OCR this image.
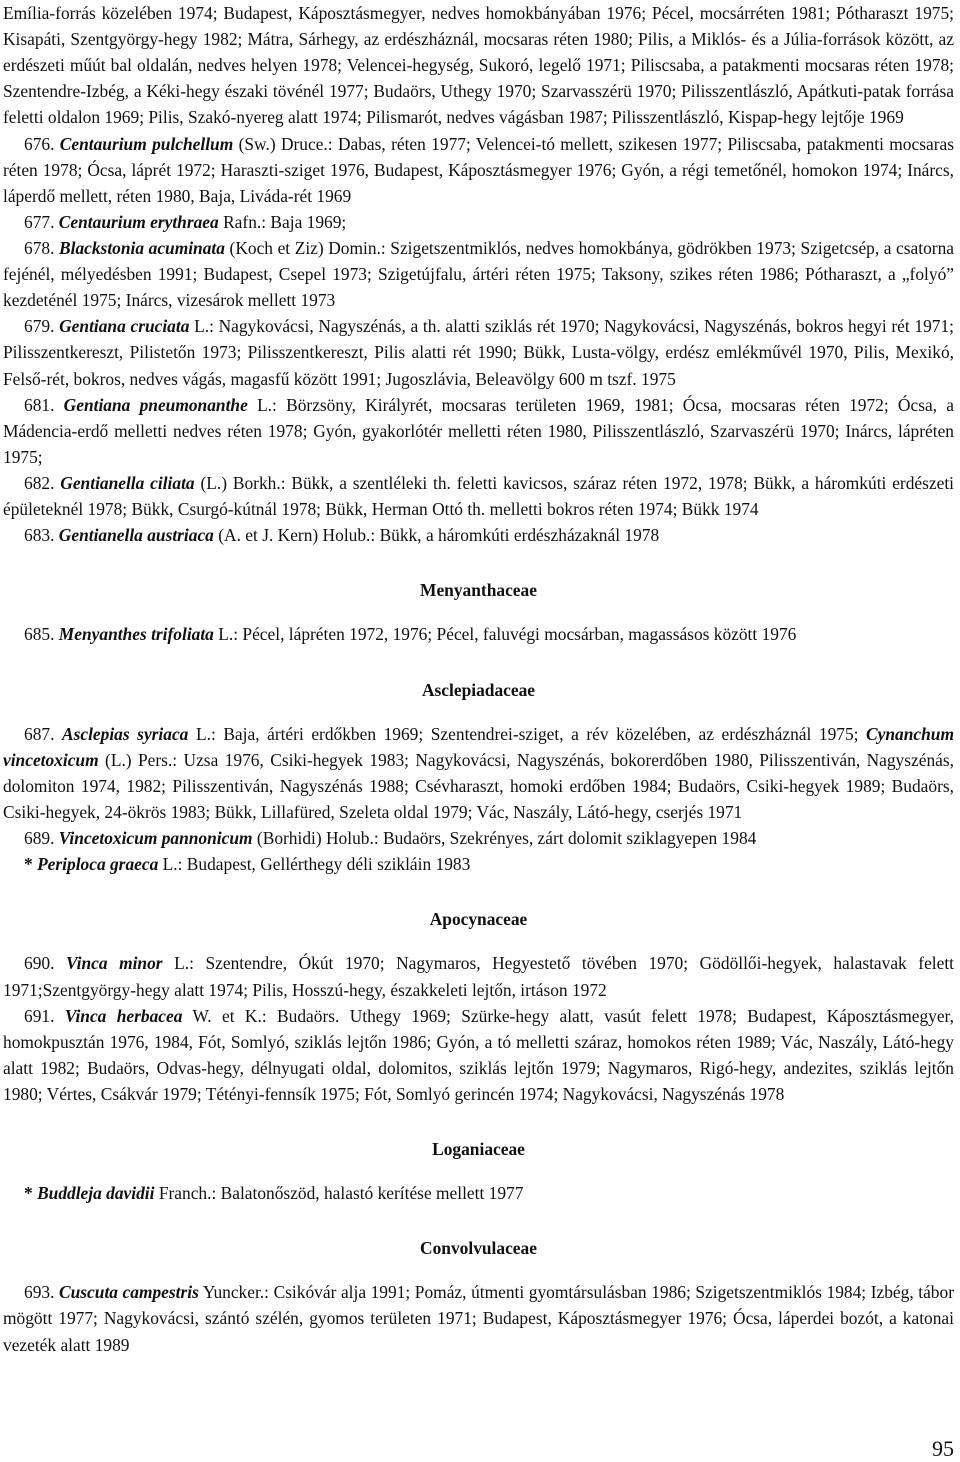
Emília-forrás közelében 1974; Budapest, Káposztásmegyer, nedves homokbányában 1976; Pécel, mocsárréten 1981; Pótharaszt 1975; Kisapáti, Szentgyörgy-hegy 1982; Mátra, Sárhegy, az erdészháznál, mocsaras réten 1980; Pilis, a Miklós- és a Júlia-források között, az erdészeti műút bal oldalán, nedves helyen 1978; Velencei-hegység, Sukoró, legelő 1971; Piliscsaba, a patakmenti mocsaras réten 1978; Szentendre-Izbég, a Kéki-hegy északi tövénél 1977; Budaörs, Uthegy 1970; Szarvasszérü 1970; Pilisszentlászló, Apátkuti-patak forrása feletti oldalon 1969; Pilis, Szakó-nyereg alatt 1974; Pilismarót, nedves vágásban 1987; Pilisszentlászló, Kispap-hegy lejtője 1969

676. Centaurium pulchellum (Sw.) Druce.: Dabas, réten 1977; Velencei-tó mellett, szikesen 1977; Piliscsaba, patakmenti mocsaras réten 1978; Ócsa, láprét 1972; Haraszti-sziget 1976, Budapest, Káposztásmegyer 1976; Gyón, a régi temetőnél, homokon 1974; Inárcs, láperdő mellett, réten 1980, Baja, Livádа-rét 1969

677. Centaurium erythraea Rafn.: Baja 1969;

678. Blackstonia acuminata (Koch et Ziz) Domin.: Szigetszentmiklós, nedves homokbánya, gödrökben 1973; Szigetcsép, a csatorna fejénél, mélyedésben 1991; Budapest, Csepel 1973; Szigetújfalu, ártéri réten 1975; Taksony, szikes réten 1986; Pótharaszt, a „folyó” kezdeténél 1975; Inárcs, vizesárok mellett 1973

679. Gentiana cruciata L.: Nagykovácsi, Nagyszénás, a th. alatti sziklás rét 1970; Nagykovácsi, Nagyszénás, bokros hegyi rét 1971; Pilisszentkereszt, Pilistetőn 1973; Pilisszentkereszt, Pilis alatti rét 1990; Bükk, Lusta-völgy, erdész emlékművél 1970, Pilis, Mexikó, Felső-rét, bokros, nedves vágás, magasfű között 1991; Jugoszlávia, Beleavölgy 600 m tszf. 1975

681. Gentiana pneumonanthe L.: Börzsöny, Királyrét, mocsaras területen 1969, 1981; Ócsa, mocsaras réten 1972; Ócsa, a Mádencia-erdő melletti nedves réten 1978; Gyón, gyakorlótér melletti réten 1980, Pilisszentlászló, Szarvaszérü 1970; Inárcs, lápréten 1975;

682. Gentianella ciliata (L.) Borkh.: Bükk, a szentléleki th. feletti kavicsos, száraz réten 1972, 1978; Bükk, a háromkúti erdészeti épületeknél 1978; Bükk, Csurgó-kútnál 1978; Bükk, Herman Ottó th. melletti bokros réten 1974; Bükk 1974

683. Gentianella austriaca (A. et J. Kern) Holub.: Bükk, a háromkúti erdészházaknál 1978

Menyanthaceae

685. Menyanthes trifoliata L.: Pécel, lápréten 1972, 1976; Pécel, faluvégi mocsárban, magassásos között 1976

Asclepiadaceae

687. Asclepias syriaca L.: Baja, ártéri erdőkben 1969; Szentendrei-sziget, a rév közelében, az erdészháznál 1975; Cynanchum vincetoxicum (L.) Pers.: Uzsa 1976, Csiki-hegyek 1983; Nagykovácsi, Nagyszénás, bokorerdőben 1980, Pilisszentiván, Nagyszénás, dolomiton 1974, 1982; Pilisszentiván, Nagyszénás 1988; Csévharaszt, homoki erdőben 1984; Budaörs, Csiki-hegyek 1989; Budaörs, Csiki-hegyek, 24-ökrös 1983; Bükk, Lillafüred, Szeleta oldal 1979; Vác, Naszály, Látó-hegy, cserjés 1971

689. Vincetoxicum pannonicum (Borhidi) Holub.: Budaörs, Szekrényes, zárt dolomit sziklagyepen 1984

* Periploca graeca L.: Budapest, Gellérthegy déli szikláin 1983

Apocynaceae

690. Vinca minor L.: Szentendre, Ókút 1970; Nagymaros, Hegyestető tövében 1970; Gödöllői-hegyek, halastavak felett 1971;Szentgyörgy-hegy alatt 1974; Pilis, Hosszú-hegy, északkeleti lejtőn, irtáson 1972

691. Vinca herbacea W. et K.: Budaörs. Uthegy 1969; Szürke-hegy alatt, vasút felett 1978; Budapest, Káposztásmegyer, homokpusztán 1976, 1984, Fót, Somlyó, sziklás lejtőn 1986; Gyón, a tó melletti száraz, homokos réten 1989; Vác, Naszály, Látó-hegy alatt 1982; Budaörs, Odvas-hegy, délnyugati oldal, dolomitos, sziklás lejtőn 1979; Nagymaros, Rigó-hegy, andezites, sziklás lejtőn 1980; Vértes, Csákvár 1979; Tétényi-fennsík 1975; Fót, Somlyó gerincén 1974; Nagykovácsi, Nagyszénás 1978

Loganiaceae

* Buddleja davidii Franch.: Balatonőszöd, halastó kerítése mellett 1977

Convolvulaceae

693. Cuscuta campestris Yuncker.: Csikóvár alja 1991; Pomáz, útmenti gyomtársulásban 1986; Szigetszentmiklós 1984; Izbég, tábor mögött 1977; Nagykovácsi, szántó szélén, gyomos területen 1971; Budapest, Káposztásmegyer 1976; Ócsa, láperdei bozót, a katonai vezeték alatt 1989

95
